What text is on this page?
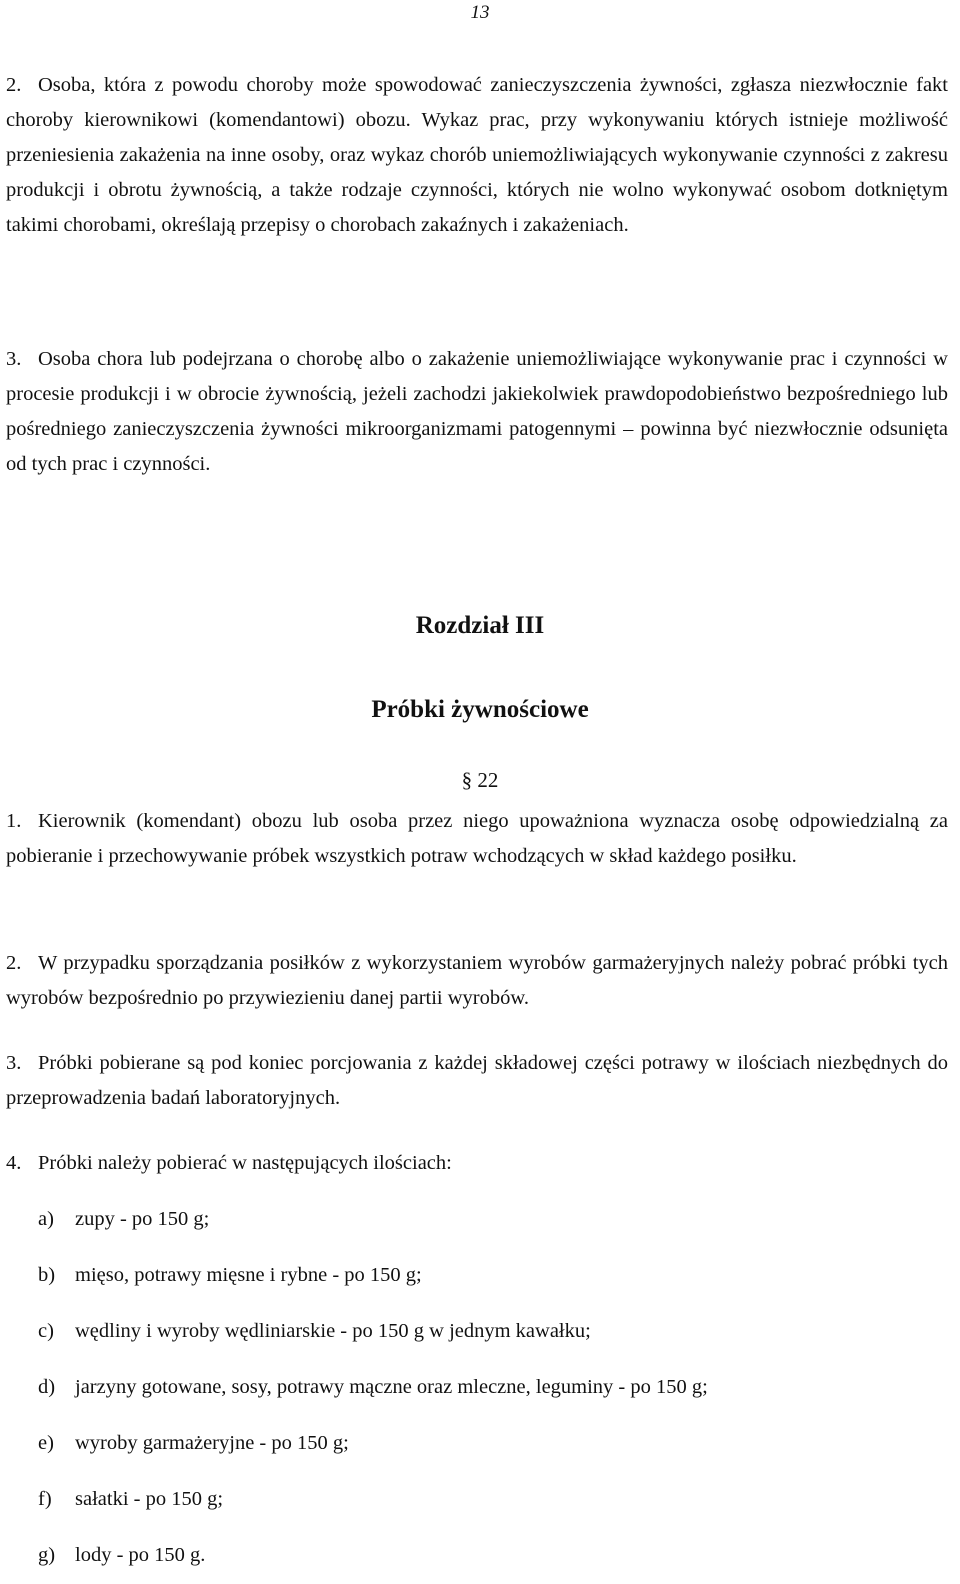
13
2. Osoba, która z powodu choroby może spowodować zanieczyszczenia żywności, zgłasza niezwłocznie fakt choroby kierownikowi (komendantowi) obozu. Wykaz prac, przy wykonywaniu których istnieje możliwość przeniesienia zakażenia na inne osoby, oraz wykaz chorób uniemożliwiających wykonywanie czynności z zakresu produkcji i obrotu żywnością, a także rodzaje czynności, których nie wolno wykonywać osobom dotkniętym takimi chorobami, określają przepisy o chorobach zakaźnych i zakażeniach.
3. Osoba chora lub podejrzana o chorobę albo o zakażenie uniemożliwiające wykonywanie prac i czynności w procesie produkcji i w obrocie żywnością, jeżeli zachodzi jakiekolwiek prawdopodobieństwo bezpośredniego lub pośredniego zanieczyszczenia żywności mikroorganizmami patogennymi – powinna być niezwłocznie odsunięta od tych prac i czynności.
Rozdział III
Próbki żywnościowe
§ 22
1. Kierownik (komendant) obozu lub osoba przez niego upoważniona wyznacza osobę odpowiedzialną za pobieranie i przechowywanie próbek wszystkich potraw wchodzących w skład każdego posiłku.
2. W przypadku sporządzania posiłków z wykorzystaniem wyrobów garmażeryjnych należy pobrać próbki tych wyrobów bezpośrednio po przywiezieniu danej partii wyrobów.
3. Próbki pobierane są pod koniec porcjowania z każdej składowej części potrawy w ilościach niezbędnych do przeprowadzenia badań laboratoryjnych.
4. Próbki należy pobierać w następujących ilościach:
a) zupy - po 150 g;
b) mięso, potrawy mięsne i rybne - po 150 g;
c) wędliny i wyroby wędliniarskie - po 150 g w jednym kawałku;
d) jarzyny gotowane, sosy, potrawy mączne oraz mleczne, leguminy - po 150 g;
e) wyroby garmażeryjne - po 150 g;
f) sałatki - po 150 g;
g) lody - po 150 g.
